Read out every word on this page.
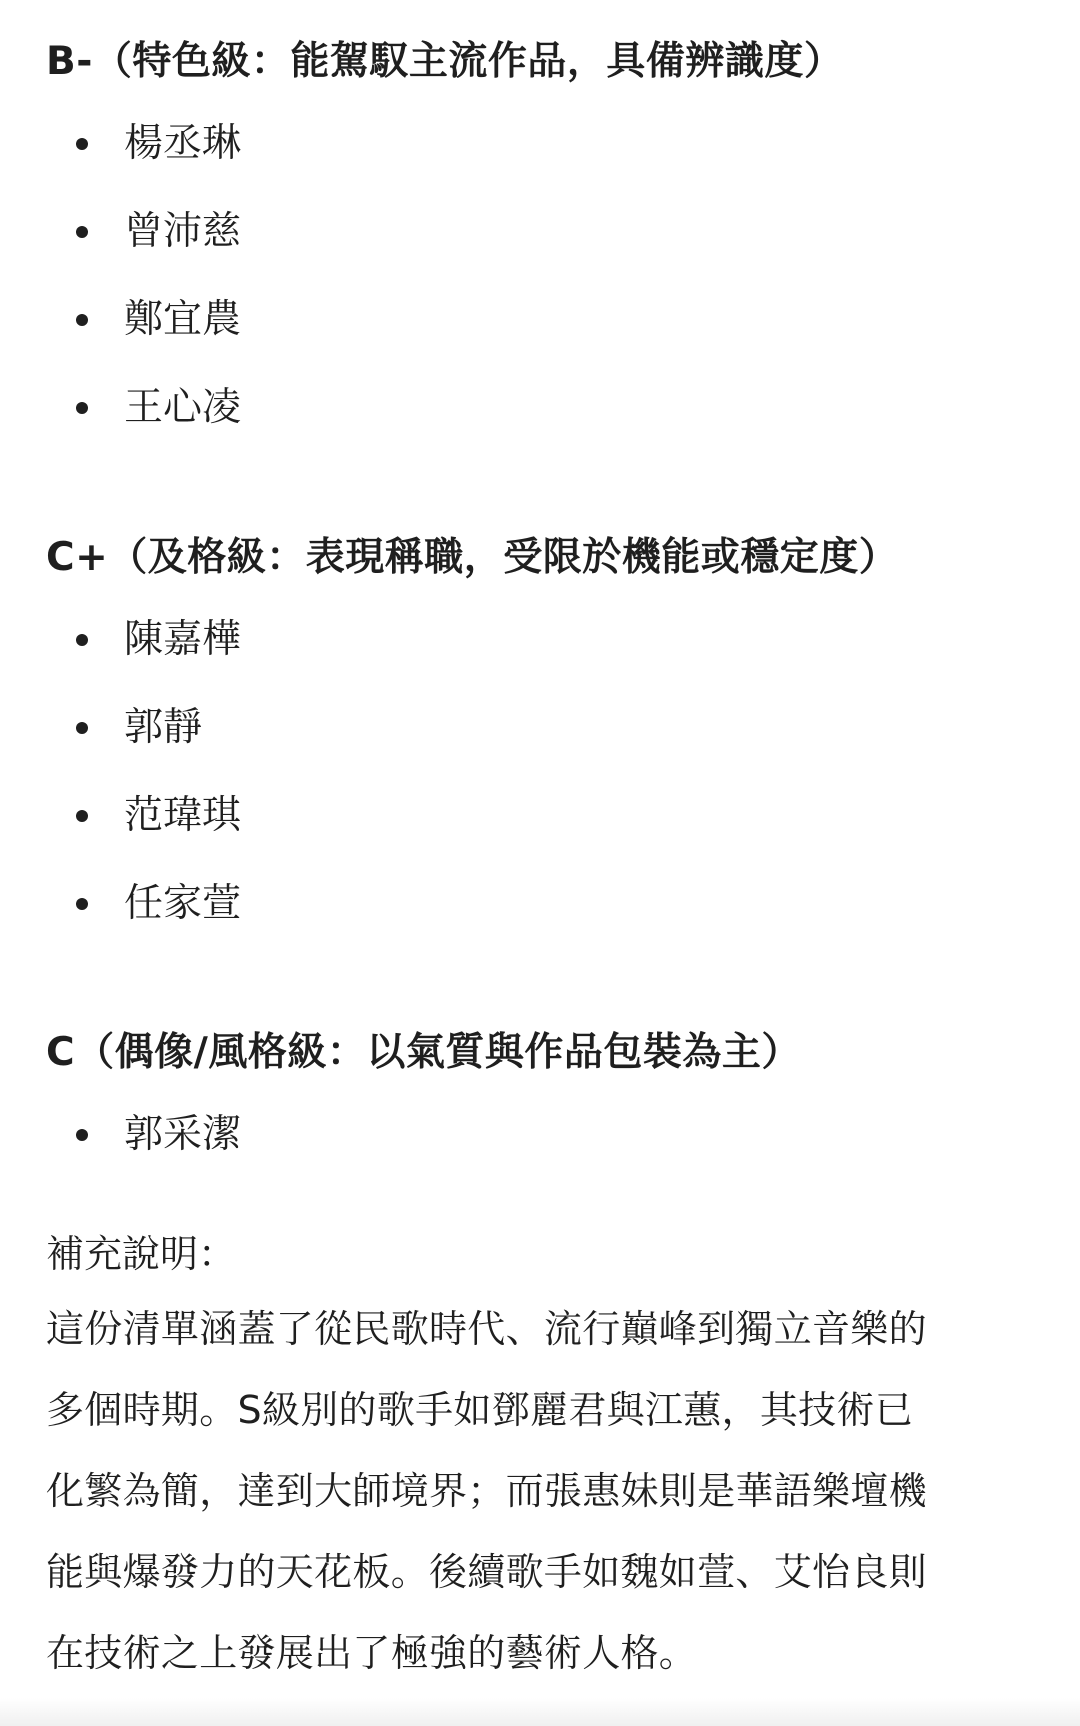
B-（特色級：能駕馭主流作品，具備辨識度）
楊丞琳
曾沛慈
鄭宜農
王心凌
C+（及格級：表現稱職，受限於機能或穩定度）
陳嘉樺
郭靜
范瑋琪
任家萱
C（偶像/風格級：以氣質與作品包裝為主）
郭采潔

補充說明：

這份清單涵蓋了從民歌時代、流行巔峰到獨立音樂的
多個時期。S級別的歌手如鄧麗君與江蕙，其技術已
化繁為簡，達到大師境界；而張惠妹則是華語樂壇機
能與爆發力的天花板。後續歌手如魏如萱、艾怡良則
在技術之上發展出了極強的藝術人格。
